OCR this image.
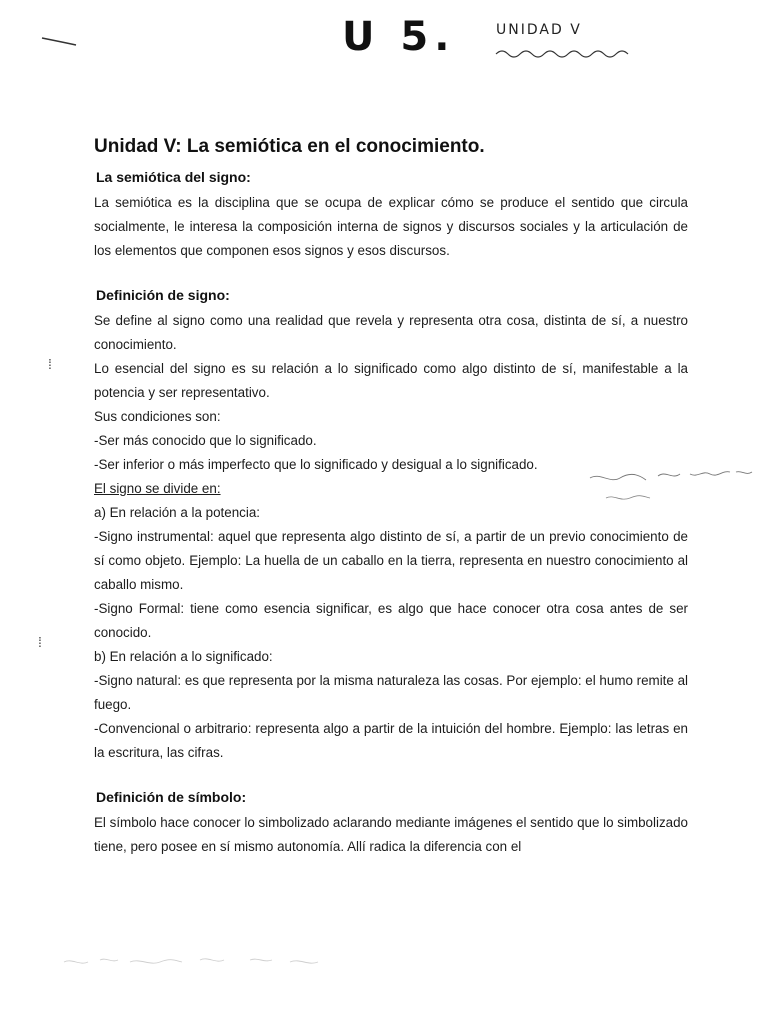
U 5.	UNIDAD V
⁞
⁞
Unidad V: La semiótica en el conocimiento.
La semiótica del signo:

La semiótica es la disciplina que se ocupa de explicar cómo se produce el sentido que circula socialmente, le interesa la composición interna de signos y discursos sociales y la articulación de los elementos que componen esos signos y esos discursos.

Definición de signo:

Se define al signo como una realidad que revela y representa otra cosa, distinta de sí, a nuestro conocimiento.

Lo esencial del signo es su relación a lo significado como algo distinto de sí, manifestable a la potencia y ser representativo.

Sus condiciones son:

-Ser más conocido que lo significado.

-Ser inferior o más imperfecto que lo significado y desigual a lo significado.

El signo se divide en:

a) En relación a la potencia:

-Signo instrumental: aquel que representa algo distinto de sí, a partir de un previo conocimiento de sí como objeto. Ejemplo: La huella de un caballo en la tierra, representa en nuestro conocimiento al caballo mismo.

-Signo Formal: tiene como esencia significar, es algo que hace conocer otra cosa antes de ser conocido.

b) En relación a lo significado:

-Signo natural: es que representa por la misma naturaleza las cosas. Por ejemplo: el humo remite al fuego.

-Convencional o arbitrario: representa algo a partir de la intuición del hombre. Ejemplo: las letras en la escritura, las cifras.

Definición de símbolo:

El símbolo hace conocer lo simbolizado aclarando mediante imágenes el sentido que lo simbolizado tiene, pero posee en sí mismo autonomía. Allí radica la diferencia con el
